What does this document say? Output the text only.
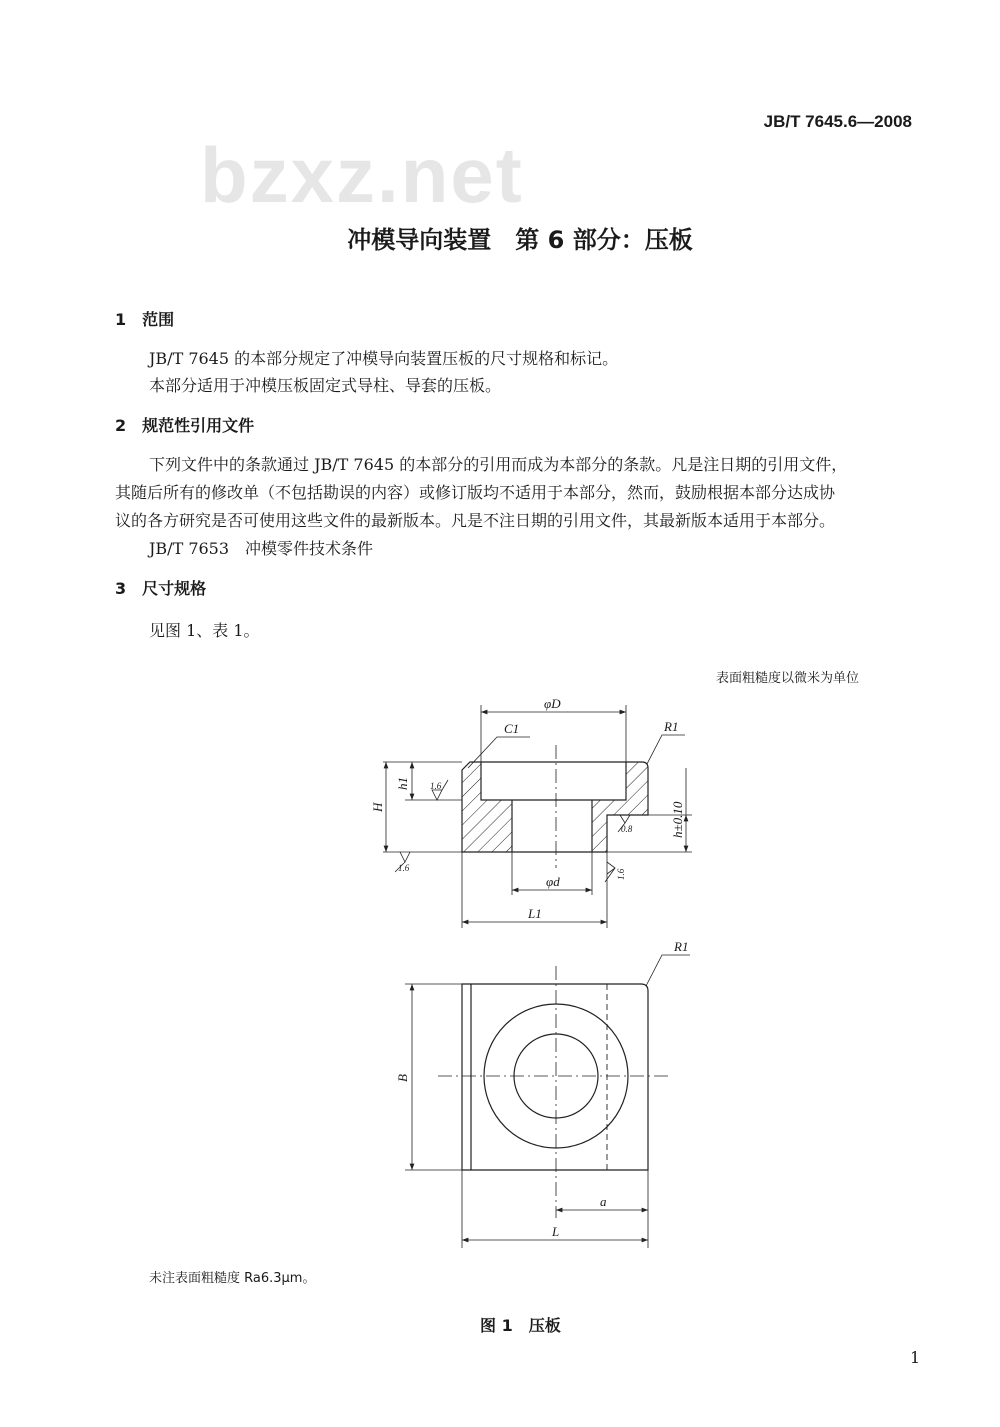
JB/T 7645.6—2008
bzxz.net
冲模导向装置　第 6 部分：压板
1　范围
JB/T 7645 的本部分规定了冲模导向装置压板的尺寸规格和标记。
本部分适用于冲模压板固定式导柱、导套的压板。
2　规范性引用文件
下列文件中的条款通过 JB/T 7645 的本部分的引用而成为本部分的条款。凡是注日期的引用文件，
其随后所有的修改单（不包括勘误的内容）或修订版均不适用于本部分，然而，鼓励根据本部分达成协
议的各方研究是否可使用这些文件的最新版本。凡是不注日期的引用文件，其最新版本适用于本部分。
JB/T 7653　冲模零件技术条件
3　尺寸规格
见图 1、表 1。
表面粗糙度以微米为单位
φD
C1	R1
H
h1
h±0.10
φd
L1
B
a
L
R1
1.6
0.8
1.6
1.6
未注表面粗糙度 Ra6.3μm。
图 1　压板
1
